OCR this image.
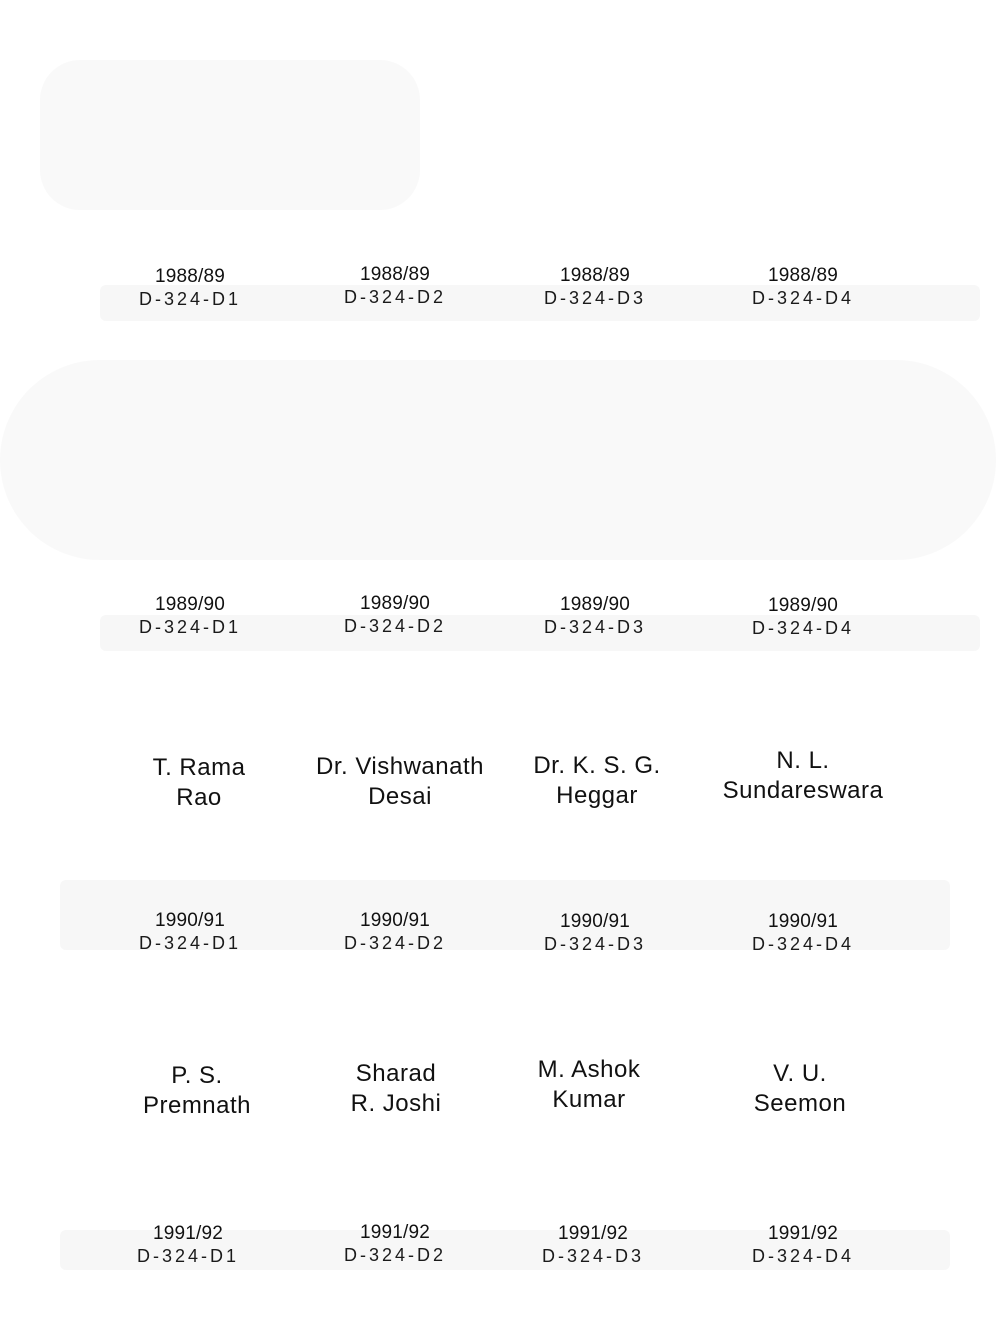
1988/89
D-324-D1
1988/89
D-324-D2
1988/89
D-324-D3
1988/89
D-324-D4
1989/90
D-324-D1
1989/90
D-324-D2
1989/90
D-324-D3
1989/90
D-324-D4
T. Rama
Rao
Dr. Vishwanath
Desai
Dr. K. S. G.
Heggar
N. L.
Sundareswara
1990/91
D-324-D1
1990/91
D-324-D2
1990/91
D-324-D3
1990/91
D-324-D4
P. S.
Premnath
Sharad
R. Joshi
M. Ashok
Kumar
V. U.
Seemon
1991/92
D-324-D1
1991/92
D-324-D2
1991/92
D-324-D3
1991/92
D-324-D4
